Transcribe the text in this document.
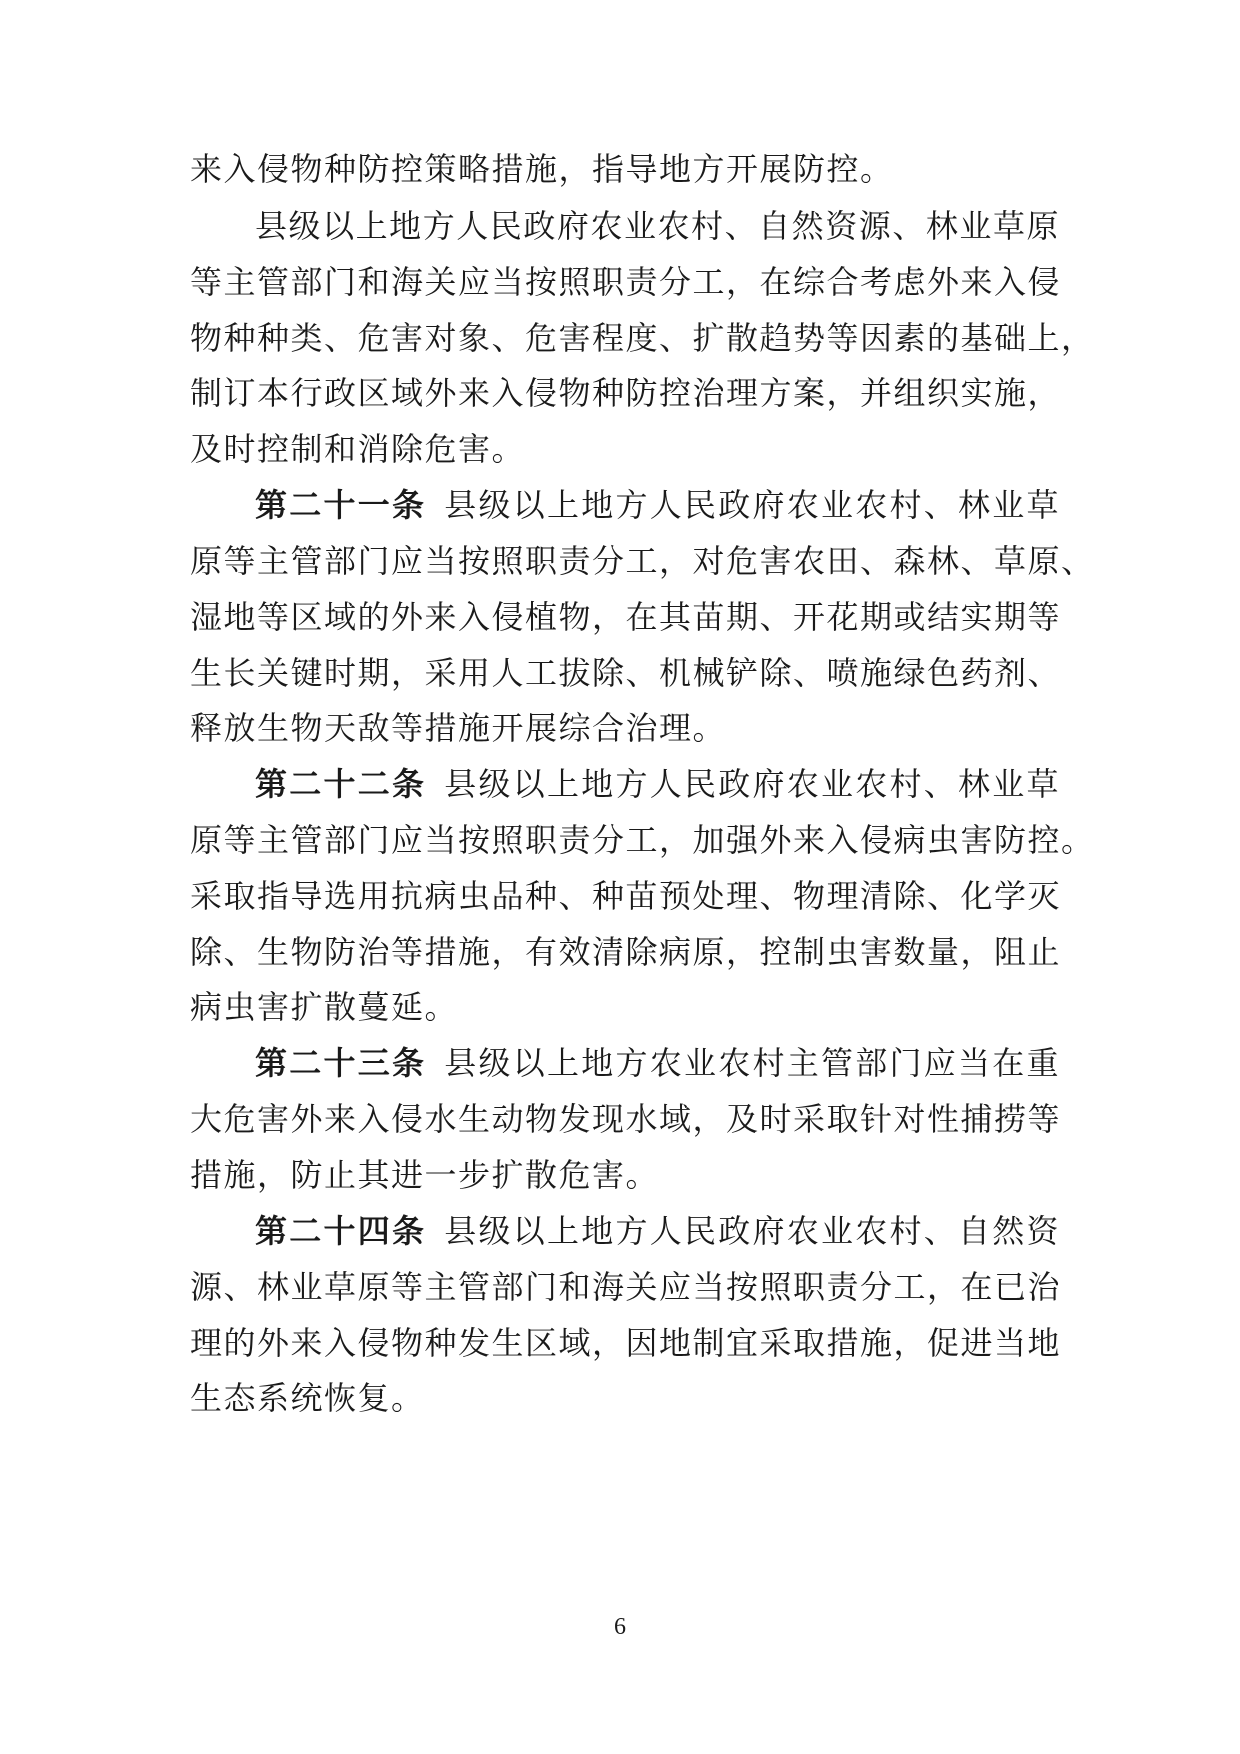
来入侵物种防控策略措施，指导地方开展防控。
县级以上地方人民政府农业农村、自然资源、林业草原
等主管部门和海关应当按照职责分工，在综合考虑外来入侵
物种种类、危害对象、危害程度、扩散趋势等因素的基础上，
制订本行政区域外来入侵物种防控治理方案，并组织实施，
及时控制和消除危害。
第二十一条 县级以上地方人民政府农业农村、林业草
原等主管部门应当按照职责分工，对危害农田、森林、草原、
湿地等区域的外来入侵植物，在其苗期、开花期或结实期等
生长关键时期，采用人工拔除、机械铲除、喷施绿色药剂、
释放生物天敌等措施开展综合治理。
第二十二条 县级以上地方人民政府农业农村、林业草
原等主管部门应当按照职责分工，加强外来入侵病虫害防控。
采取指导选用抗病虫品种、种苗预处理、物理清除、化学灭
除、生物防治等措施，有效清除病原，控制虫害数量，阻止
病虫害扩散蔓延。
第二十三条 县级以上地方农业农村主管部门应当在重
大危害外来入侵水生动物发现水域，及时采取针对性捕捞等
措施，防止其进一步扩散危害。
第二十四条 县级以上地方人民政府农业农村、自然资
源、林业草原等主管部门和海关应当按照职责分工，在已治
理的外来入侵物种发生区域，因地制宜采取措施，促进当地
生态系统恢复。
6
